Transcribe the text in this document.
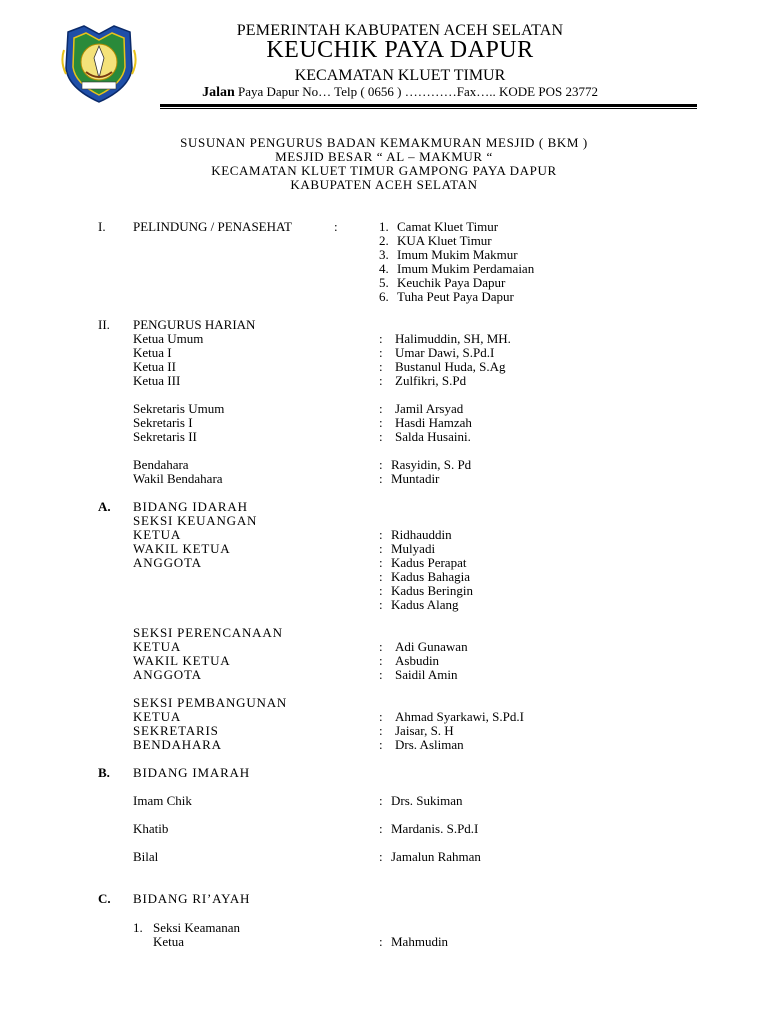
PEMERINTAH KABUPATEN ACEH SELATAN
KEUCHIK PAYA DAPUR
KECAMATAN KLUET TIMUR
Jalan Paya Dapur No… Telp ( 0656 ) …………Fax….. KODE POS 23772
SUSUNAN PENGURUS BADAN KEMAKMURAN MESJID ( BKM )
MESJID BESAR “ AL – MAKMUR “
KECAMATAN KLUET TIMUR GAMPONG PAYA DAPUR
KABUPATEN ACEH SELATAN
I. PELINDUNG / PENASEHAT	:	1. Camat Kluet Timur
2. KUA Kluet Timur
3. Imum Mukim Makmur
4. Imum Mukim Perdamaian
5. Keuchik Paya Dapur
6. Tuha Peut Paya Dapur
II. PENGURUS HARIAN
Ketua Umum	: Halimuddin, SH, MH.
Ketua I	: Umar Dawi, S.Pd.I
Ketua II	: Bustanul Huda, S.Ag
Ketua III	: Zulfikri, S.Pd
Sekretaris Umum	: Jamil Arsyad
Sekretaris I	: Hasdi Hamzah
Sekretaris II	: Salda Husaini.
Bendahara	: Rasyidin, S. Pd
Wakil Bendahara	: Muntadir
A. BIDANG IDARAH
SEKSI KEUANGAN
KETUA	: Ridhauddin
WAKIL KETUA	: Mulyadi
ANGGOTA	: Kadus Perapat
: Kadus Bahagia
: Kadus Beringin
: Kadus Alang
SEKSI PERENCANAAN
KETUA	: Adi Gunawan
WAKIL KETUA	: Asbudin
ANGGOTA	: Saidil Amin
SEKSI PEMBANGUNAN
KETUA	: Ahmad Syarkawi, S.Pd.I
SEKRETARIS	: Jaisar, S. H
BENDAHARA	: Drs. Asliman
B. BIDANG IMARAH
Imam Chik	: Drs. Sukiman
Khatib	: Mardanis. S.Pd.I
Bilal	: Jamalun Rahman
C. BIDANG RI’AYAH
1. Seksi Keamanan
Ketua	: Mahmudin
